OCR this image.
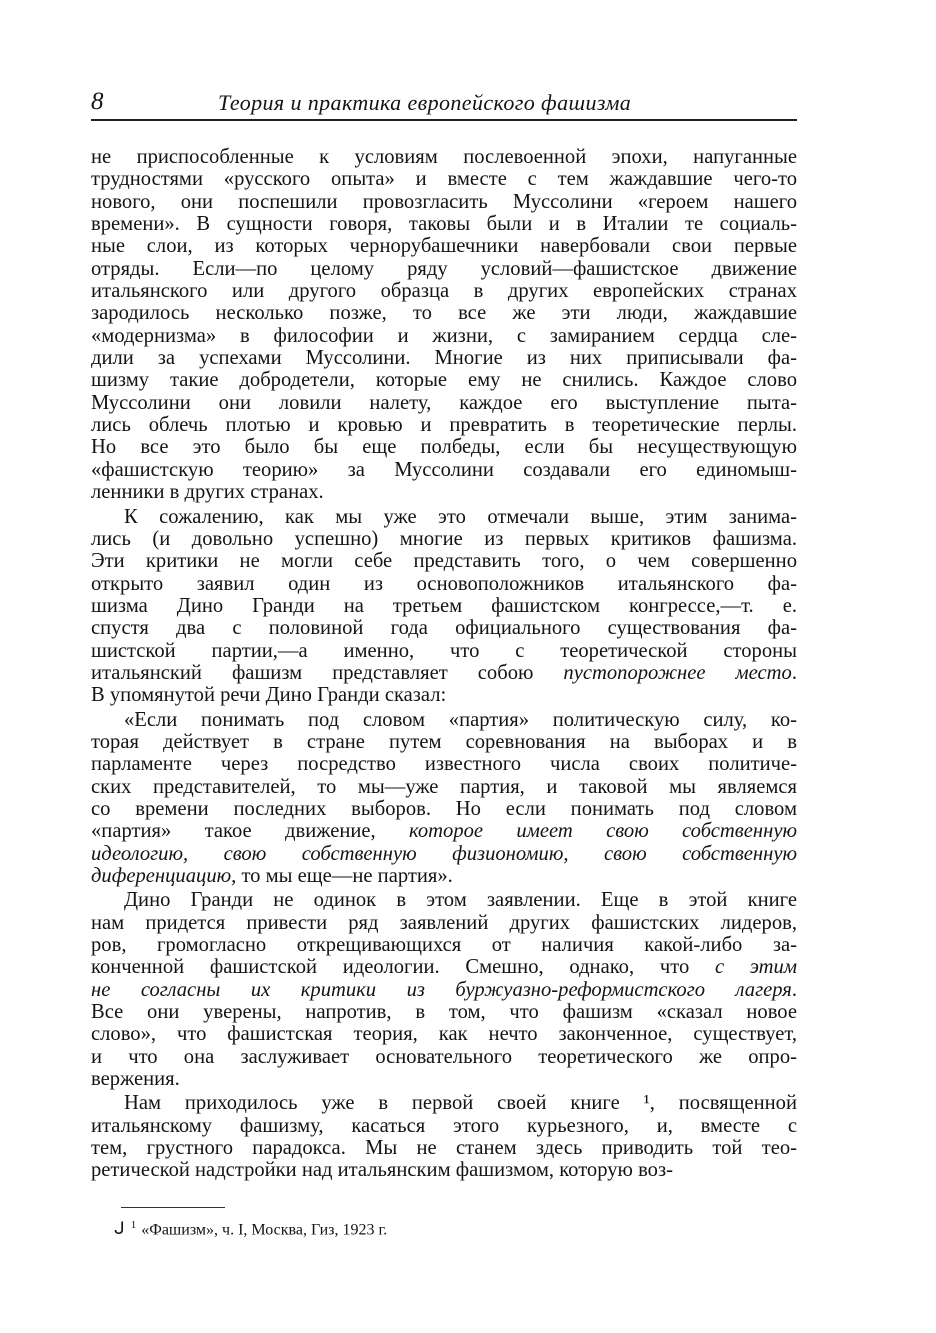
8	Теория и практика европейского фашизма
не приспособленные к условиям послевоенной эпохи, напуганные
трудностями «русского опыта» и вместе с тем жаждавшие чего-то
нового, они поспешили провозгласить Муссолини «героем нашего
времени». В сущности говоря, таковы были и в Италии те социаль-
ные слои, из которых чернорубашечники навербовали свои первые
отряды. Если—по целому ряду условий—фашистское движение
итальянского или другого образца в других европейских странах
зародилось несколько позже, то все же эти люди, жаждавшие
«модернизма» в философии и жизни, с замиранием сердца сле-
дили за успехами Муссолини. Многие из них приписывали фа-
шизму такие добродетели, которые ему не снились. Каждое слово
Муссолини они ловили налету, каждое его выступление пыта-
лись облечь плотью и кровью и превратить в теоретические перлы.
Но все это было бы еще полбеды, если бы несуществующую
«фашистскую теорию» за Муссолини создавали его единомыш-
ленники в других странах.
К сожалению, как мы уже это отмечали выше, этим занима-
лись (и довольно успешно) многие из первых критиков фашизма.
Эти критики не могли себе представить того, о чем совершенно
открыто заявил один из основоположников итальянского фа-
шизма Дино Гранди на третьем фашистском конгрессе,—т. е.
спустя два с половиной года официального существования фа-
шистской партии,—а именно, что с теоретической стороны
итальянский фашизм представляет собою пустопорожнее место.
В упомянутой речи Дино Гранди сказал:
«Если понимать под словом «партия» политическую силу, ко-
торая действует в стране путем соревнования на выборах и в
парламенте через посредство известного числа своих политиче-
ских представителей, то мы—уже партия, и таковой мы являемся
со времени последних выборов. Но если понимать под словом
«партия» такое движение, которое имеет свою собственную
идеологию, свою собственную физиономию, свою собственную
диференциацию, то мы еще—не партия».
Дино Гранди не одинок в этом заявлении. Еще в этой книге
нам придется привести ряд заявлений других фашистских лидеров,
ров, громогласно открещивающихся от наличия какой-либо за-
конченной фашистской идеологии. Смешно, однако, что с этим
не согласны их критики из буржуазно-реформистского лагеря.
Все они уверены, напротив, в том, что фашизм «сказал новое
слово», что фашистская теория, как нечто законченное, существует,
и что она заслуживает основательного теоретического же опро-
вержения.
Нам приходилось уже в первой своей книге ¹, посвященной
итальянскому фашизму, касаться этого курьезного, и, вместе с
тем, грустного парадокса. Мы не станем здесь приводить той тео-
ретической надстройки над итальянским фашизмом, которую воз-
ᒍ $^1$ «Фашизм», ч. I, Москва, Гиз, 1923 г.
